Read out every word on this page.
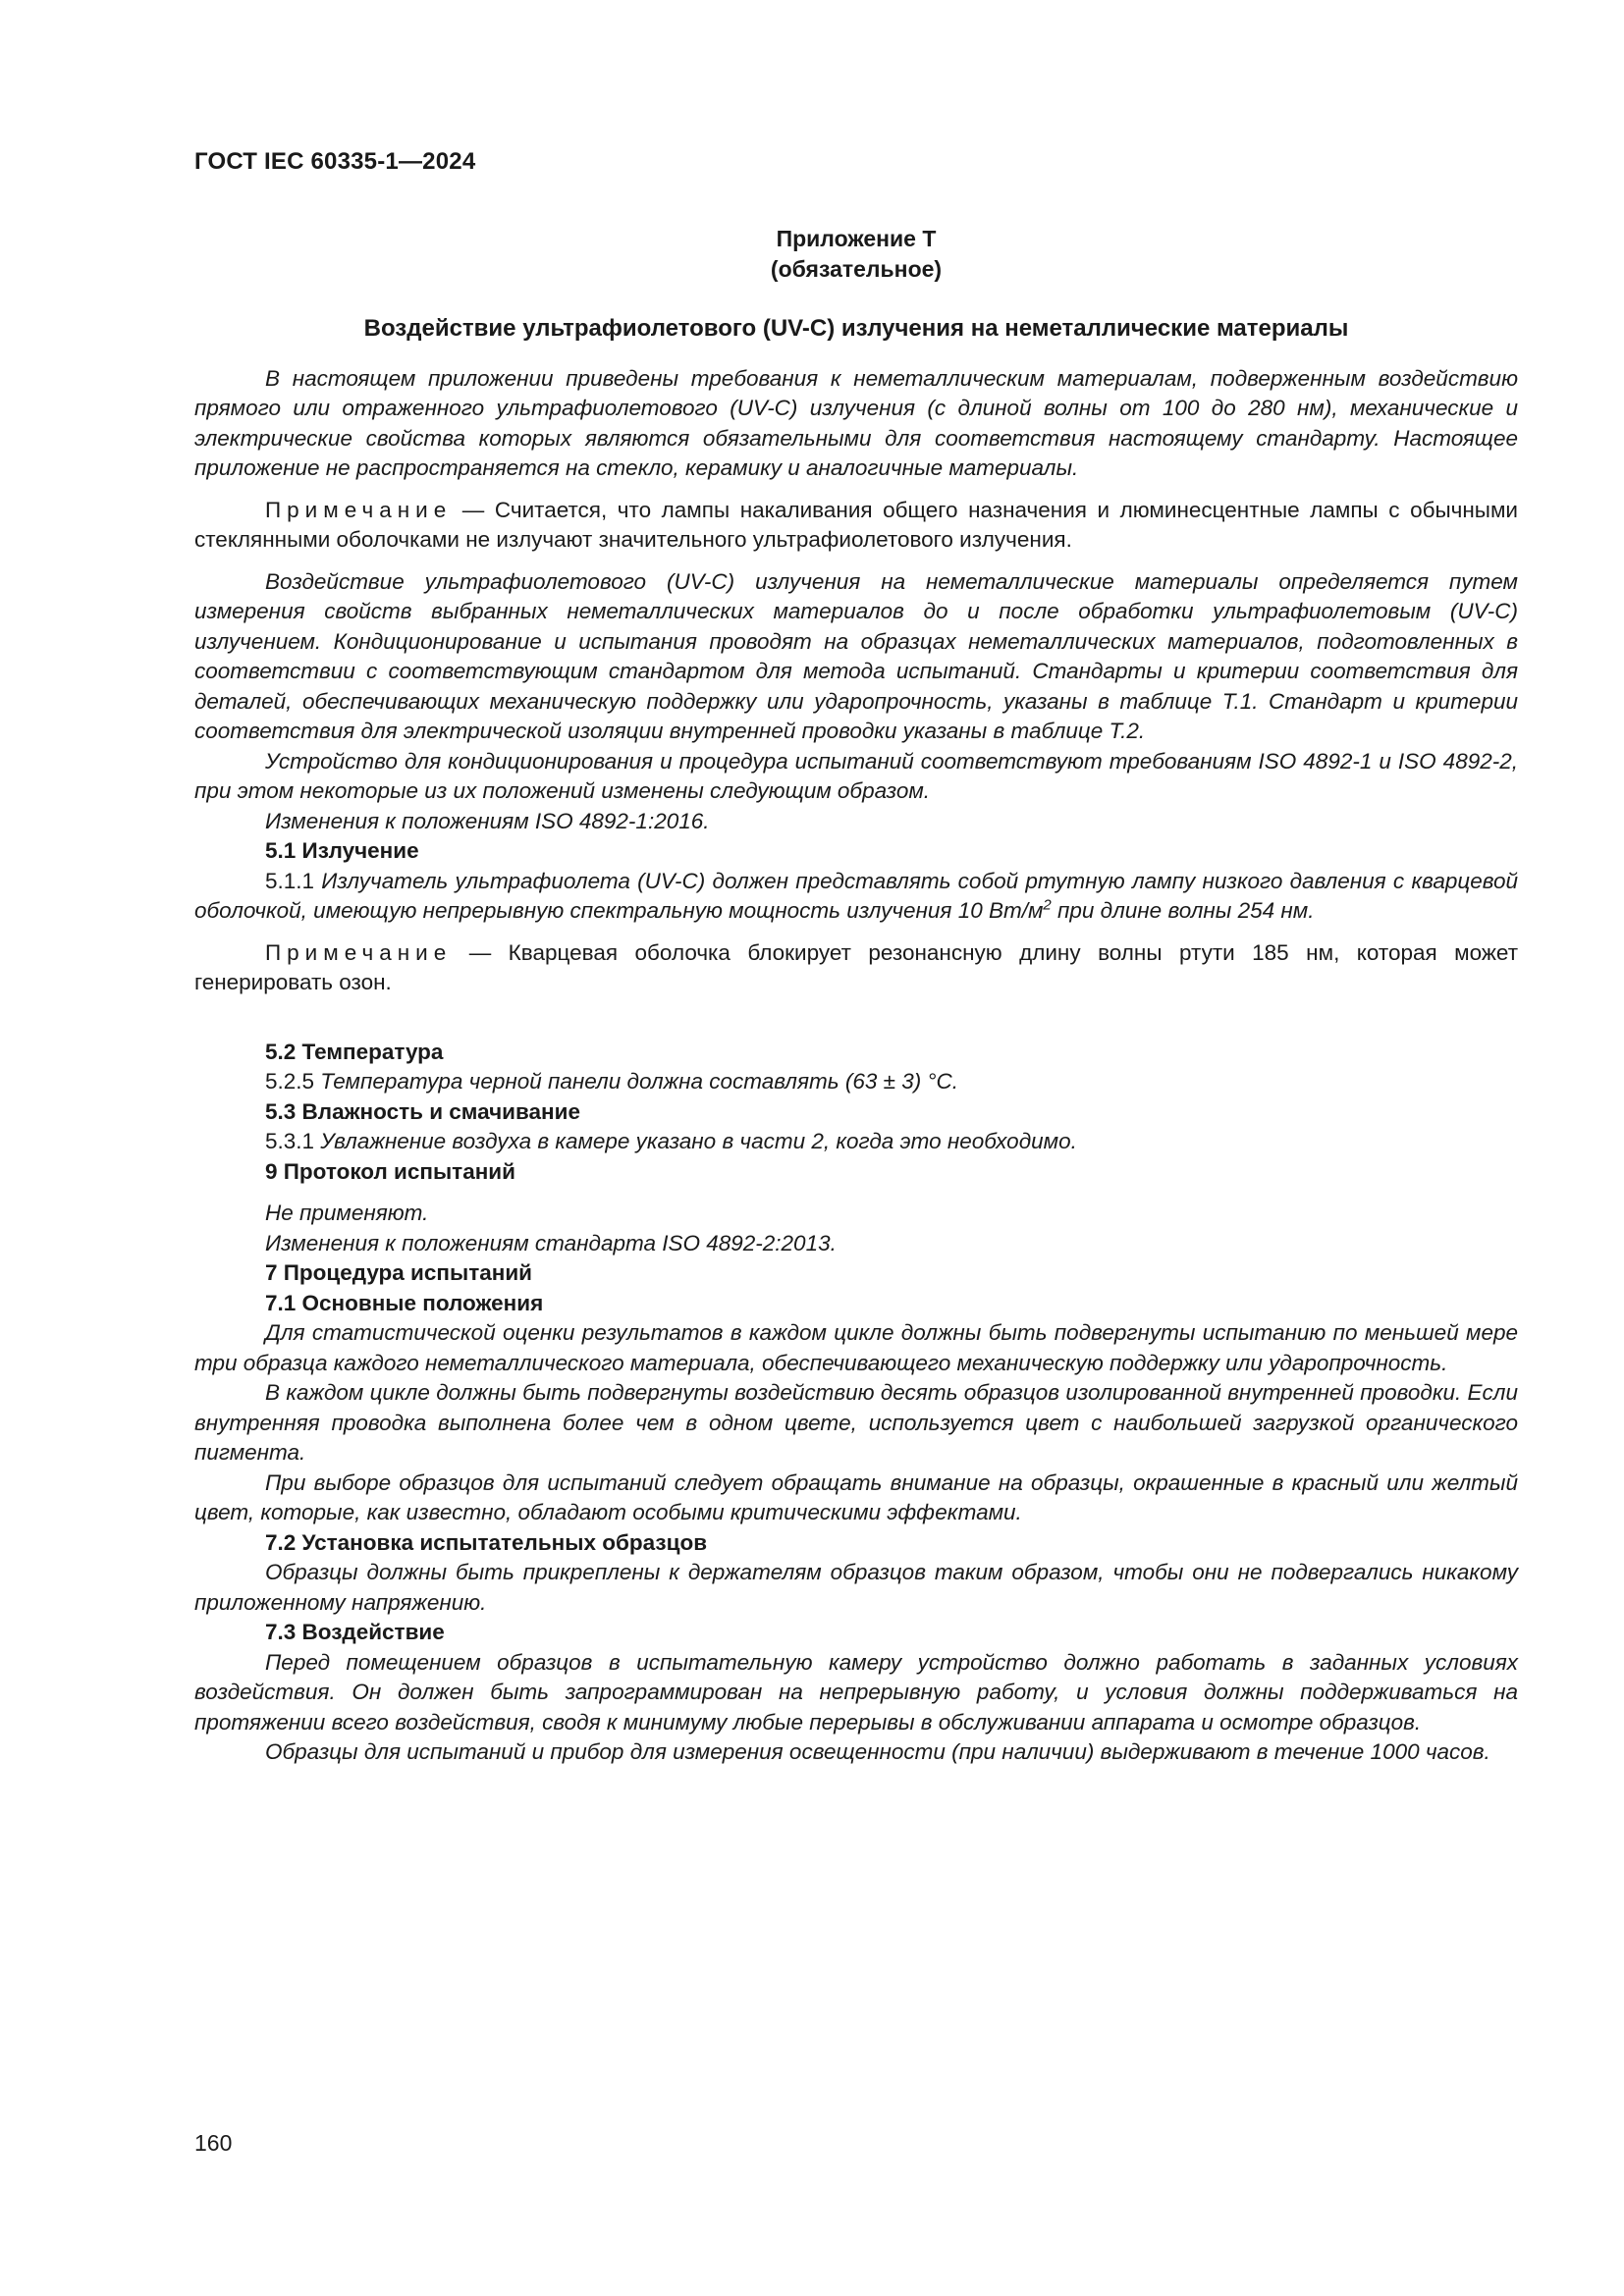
ГОСТ IEC 60335-1—2024
Приложение T
(обязательное)
Воздействие ультрафиолетового (UV-C) излучения на неметаллические материалы

В настоящем приложении приведены требования к неметаллическим материалам, подверженным воздействию прямого или отраженного ультрафиолетового (UV-C) излучения (с длиной волны от 100 до 280 нм), механические и электрические свойства которых являются обязательными для соответствия настоящему стандарту. Настоящее приложение не распространяется на стекло, керамику и аналогичные материалы.

Примечание — Считается, что лампы накаливания общего назначения и люминесцентные лампы с обычными стеклянными оболочками не излучают значительного ультрафиолетового излучения.

Воздействие ультрафиолетового (UV-C) излучения на неметаллические материалы определяется путем измерения свойств выбранных неметаллических материалов до и после обработки ультрафиолетовым (UV-C) излучением. Кондиционирование и испытания проводят на образцах неметаллических материалов, подготовленных в соответствии с соответствующим стандартом для метода испытаний. Стандарты и критерии соответствия для деталей, обеспечивающих механическую поддержку или ударопрочность, указаны в таблице T.1. Стандарт и критерии соответствия для электрической изоляции внутренней проводки указаны в таблице T.2.

Устройство для кондиционирования и процедура испытаний соответствуют требованиям ISO 4892-1 и ISO 4892-2, при этом некоторые из их положений изменены следующим образом.

Изменения к положениям ISO 4892-1:2016.

5.1 Излучение

5.1.1 Излучатель ультрафиолета (UV-C) должен представлять собой ртутную лампу низкого давления с кварцевой оболочкой, имеющую непрерывную спектральную мощность излучения 10 $Вт/м^2$ при длине волны 254 нм.

Примечание — Кварцевая оболочка блокирует резонансную длину волны ртути 185 нм, которая может генерировать озон.

5.2 Температура

5.2.5 Температура черной панели должна составлять (63 ± 3) °С.

5.3 Влажность и смачивание

5.3.1 Увлажнение воздуха в камере указано в части 2, когда это необходимо.

9 Протокол испытаний

Не применяют.

Изменения к положениям стандарта ISO 4892-2:2013.

7 Процедура испытаний
7.1 Основные положения

Для статистической оценки результатов в каждом цикле должны быть подвергнуты испытанию по меньшей мере три образца каждого неметаллического материала, обеспечивающего механическую поддержку или ударопрочность.

В каждом цикле должны быть подвергнуты воздействию десять образцов изолированной внутренней проводки. Если внутренняя проводка выполнена более чем в одном цвете, используется цвет с наибольшей загрузкой органического пигмента.

При выборе образцов для испытаний следует обращать внимание на образцы, окрашенные в красный или желтый цвет, которые, как известно, обладают особыми критическими эффектами.

7.2 Установка испытательных образцов

Образцы должны быть прикреплены к держателям образцов таким образом, чтобы они не подвергались никакому приложенному напряжению.

7.3 Воздействие

Перед помещением образцов в испытательную камеру устройство должно работать в заданных условиях воздействия. Он должен быть запрограммирован на непрерывную работу, и условия должны поддерживаться на протяжении всего воздействия, сводя к минимуму любые перерывы в обслуживании аппарата и осмотре образцов.

Образцы для испытаний и прибор для измерения освещенности (при наличии) выдерживают в течение 1000 часов.

160
